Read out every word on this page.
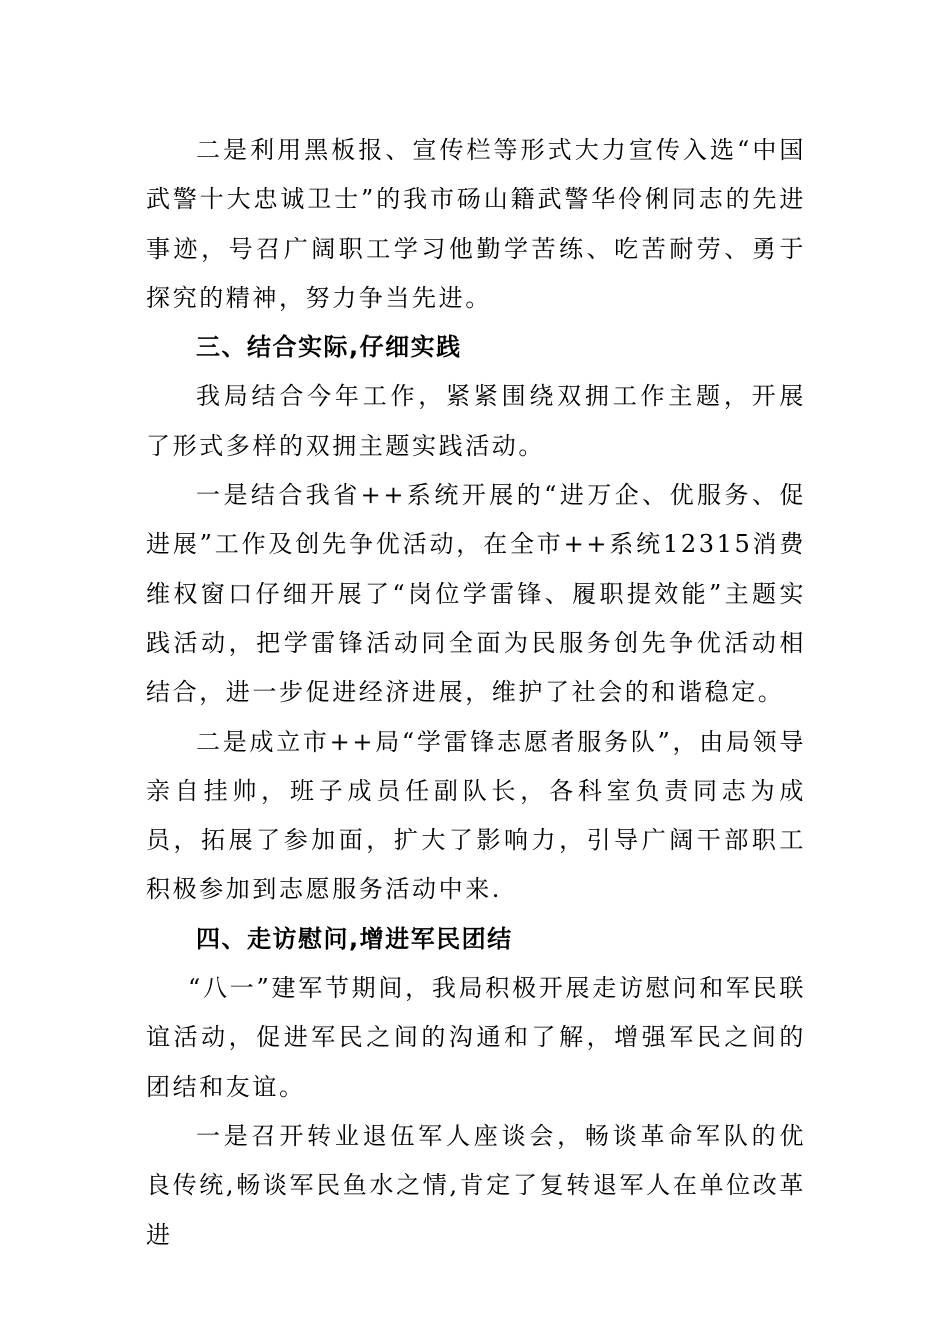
二是利用黑板报、宣传栏等形式大力宣传入选“中国武警十大忠诚卫士”的我市砀山籍武警华伶俐同志的先进事迹，号召广阔职工学习他勤学苦练、吃苦耐劳、勇于探究的精神，努力争当先进。

三、结合实际,仔细实践

我局结合今年工作，紧紧围绕双拥工作主题，开展了形式多样的双拥主题实践活动。

一是结合我省++系统开展的“进万企、优服务、促进展”工作及创先争优活动，在全市++系统12315消费维权窗口仔细开展了“岗位学雷锋、履职提效能”主题实践活动，把学雷锋活动同全面为民服务创先争优活动相结合，进一步促进经济进展，维护了社会的和谐稳定。

二是成立市++局“学雷锋志愿者服务队”，由局领导亲自挂帅，班子成员任副队长，各科室负责同志为成员，拓展了参加面，扩大了影响力，引导广阔干部职工积极参加到志愿服务活动中来.

四、走访慰问,增进军民团结

“八一”建军节期间，我局积极开展走访慰问和军民联谊活动，促进军民之间的沟通和了解，增强军民之间的团结和友谊。

一是召开转业退伍军人座谈会，畅谈革命军队的优良传统,畅谈军民鱼水之情,肯定了复转退军人在单位改革进
